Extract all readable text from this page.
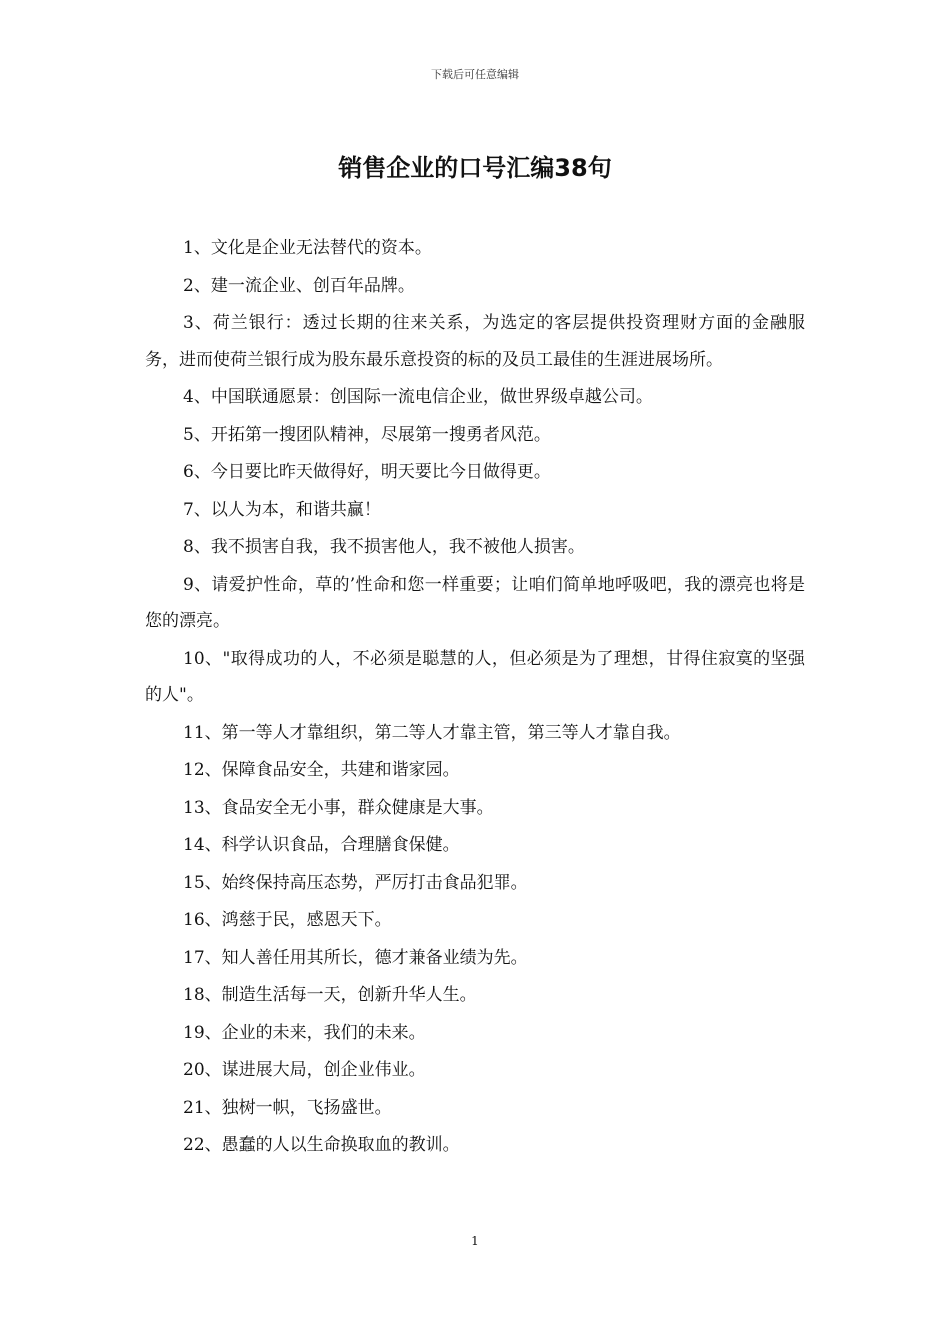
下载后可任意编辑
销售企业的口号汇编38句

1、文化是企业无法替代的资本。

2、建一流企业、创百年品牌。

3、荷兰银行：透过长期的往来关系，为选定的客层提供投资理财方面的金融服务，进而使荷兰银行成为股东最乐意投资的标的及员工最佳的生涯进展场所。

4、中国联通愿景：创国际一流电信企业，做世界级卓越公司。

5、开拓第一搜团队精神，尽展第一搜勇者风范。

6、今日要比昨天做得好，明天要比今日做得更。

7、以人为本，和谐共赢！

8、我不损害自我，我不损害他人，我不被他人损害。

9、请爱护性命，草的’性命和您一样重要；让咱们简单地呼吸吧，我的漂亮也将是您的漂亮。

10、"取得成功的人，不必须是聪慧的人，但必须是为了理想，甘得住寂寞的坚强的人"。

11、第一等人才靠组织，第二等人才靠主管，第三等人才靠自我。

12、保障食品安全，共建和谐家园。

13、食品安全无小事，群众健康是大事。

14、科学认识食品，合理膳食保健。

15、始终保持高压态势，严厉打击食品犯罪。

16、鸿慈于民，感恩天下。

17、知人善任用其所长，德才兼备业绩为先。

18、制造生活每一天，创新升华人生。

19、企业的未来，我们的未来。

20、谋进展大局，创企业伟业。

21、独树一帜，飞扬盛世。

22、愚蠢的人以生命换取血的教训。

1
